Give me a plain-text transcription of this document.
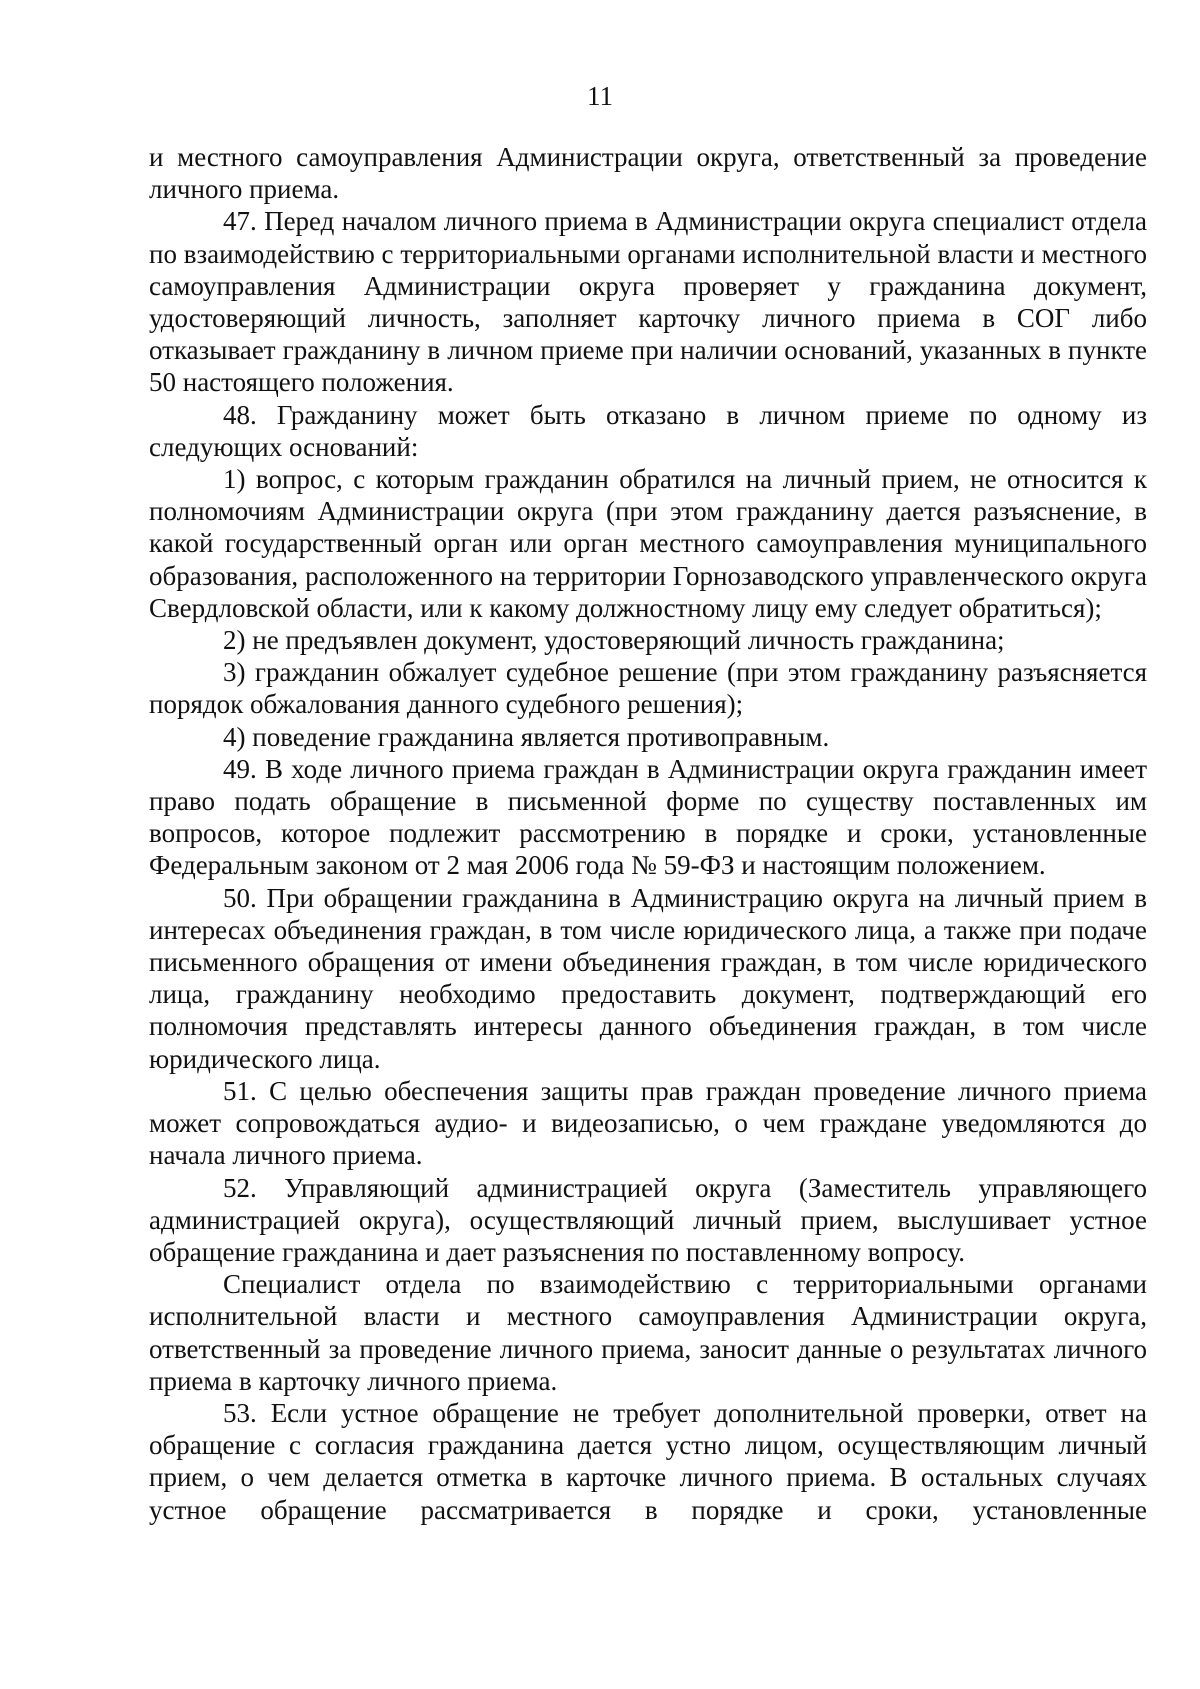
11

и местного самоуправления Администрации округа, ответственный за проведение личного приема.

47. Перед началом личного приема в Администрации округа специалист отдела по взаимодействию с территориальными органами исполнительной власти и местного самоуправления Администрации округа проверяет у гражданина документ, удостоверяющий личность, заполняет карточку личного приема в СОГ либо отказывает гражданину в личном приеме при наличии оснований, указанных в пункте 50 настоящего положения.

48. Гражданину может быть отказано в личном приеме по одному из следующих оснований:

1) вопрос, с которым гражданин обратился на личный прием, не относится к полномочиям Администрации округа (при этом гражданину дается разъяснение, в какой государственный орган или орган местного самоуправления муниципального образования, расположенного на территории Горнозаводского управленческого округа Свердловской области, или к какому должностному лицу ему следует обратиться);

2) не предъявлен документ, удостоверяющий личность гражданина;

3) гражданин обжалует судебное решение (при этом гражданину разъясняется порядок обжалования данного судебного решения);

4) поведение гражданина является противоправным.

49. В ходе личного приема граждан в Администрации округа гражданин имеет право подать обращение в письменной форме по существу поставленных им вопросов, которое подлежит рассмотрению в порядке и сроки, установленные Федеральным законом от 2 мая 2006 года № 59-ФЗ и настоящим положением.

50. При обращении гражданина в Администрацию округа на личный прием в интересах объединения граждан, в том числе юридического лица, а также при подаче письменного обращения от имени объединения граждан, в том числе юридического лица, гражданину необходимо предоставить документ, подтверждающий его полномочия представлять интересы данного объединения граждан, в том числе юридического лица.

51. С целью обеспечения защиты прав граждан проведение личного приема может сопровождаться аудио- и видеозаписью, о чем граждане уведомляются до начала личного приема.

52. Управляющий администрацией округа (Заместитель управляющего администрацией округа), осуществляющий личный прием, выслушивает устное обращение гражданина и дает разъяснения по поставленному вопросу.

Специалист отдела по взаимодействию с территориальными органами исполнительной власти и местного самоуправления Администрации округа, ответственный за проведение личного приема, заносит данные о результатах личного приема в карточку личного приема.

53. Если устное обращение не требует дополнительной проверки, ответ на обращение с согласия гражданина дается устно лицом, осуществляющим личный прием, о чем делается отметка в карточке личного приема. В остальных случаях устное обращение рассматривается в порядке и сроки, установленные
